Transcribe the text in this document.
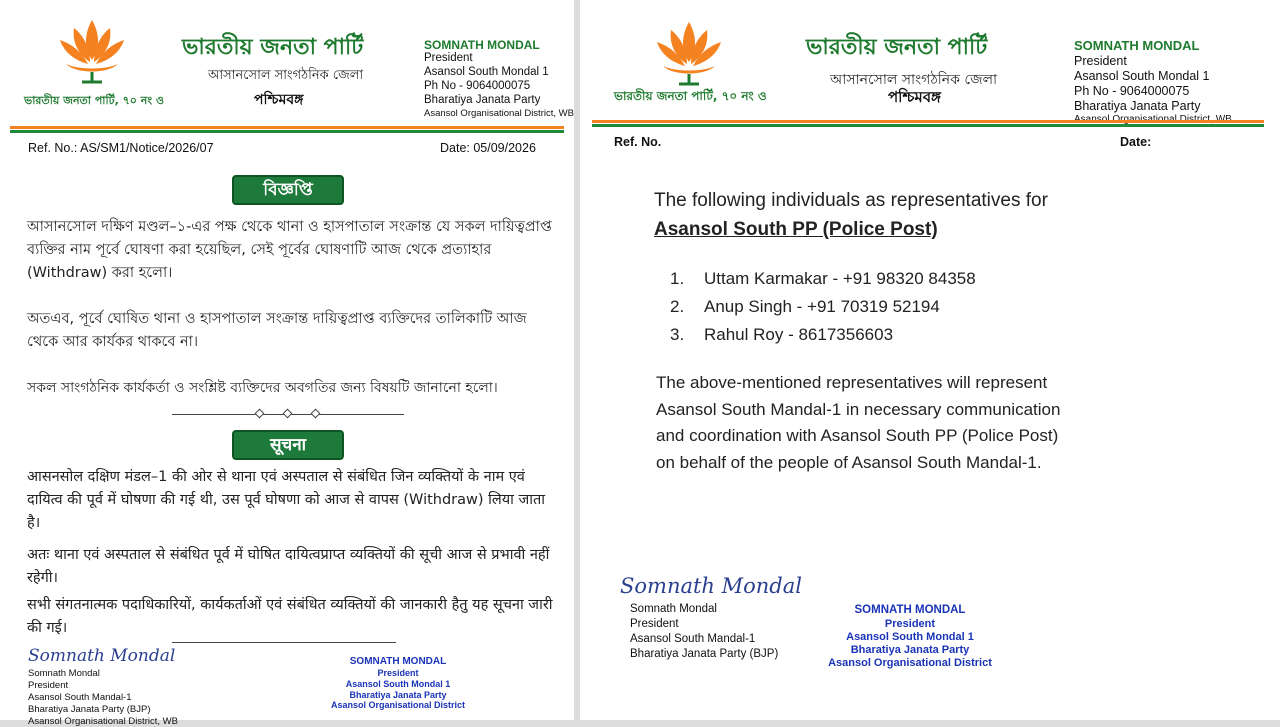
ভারতীয় জনতা পার্টি, ৭০ নং ও
ভারতীয় জনতা পার্টি
আসানসোল সাংগঠনিক জেলা
পশ্চিমবঙ্গ
SOMNATH MONDAL
President
Asansol South Mondal 1
Ph No - 9064000075
Bharatiya Janata Party
Asansol Organisational District, WB
Ref. No.: AS/SM1/Notice/2026/07	Date: 05/09/2026
বিজ্ঞপ্তি
আসানসোল দক্ষিণ মণ্ডল–১-এর পক্ষ থেকে থানা ও হাসপাতাল সংক্রান্ত যে সকল দায়িত্বপ্রাপ্ত ব্যক্তির নাম পূর্বে ঘোষণা করা হয়েছিল, সেই পূর্বের ঘোষণাটি আজ থেকে প্রত্যাহার (Withdraw) করা হলো।
অতএব, পূর্বে ঘোষিত থানা ও হাসপাতাল সংক্রান্ত দায়িত্বপ্রাপ্ত ব্যক্তিদের তালিকাটি আজ থেকে আর কার্যকর থাকবে না।
সকল সাংগঠনিক কার্যকর্তা ও সংশ্লিষ্ট ব্যক্তিদের অবগতির জন্য বিষয়টি জানানো হলো।
सूचना
आसनसोल दक्षिण मंडल–1 की ओर से थाना एवं अस्पताल से संबंधित जिन व्यक्तियों के नाम एवं दायित्व की पूर्व में घोषणा की गई थी, उस पूर्व घोषणा को आज से वापस (Withdraw) लिया जाता है।
अतः थाना एवं अस्पताल से संबंधित पूर्व में घोषित दायित्वप्राप्त व्यक्तियों की सूची आज से प्रभावी नहीं रहेगी।
सभी संगतनात्मक पदाधिकारियों, कार्यकर्ताओं एवं संबंधित व्यक्तियों की जानकारी हैतु यह सूचना जारी की गई।
Somnath Mondal
Somnath Mondal
President
Asansol South Mandal-1
Bharatiya Janata Party (BJP)
Asansol Organisational District, WB
SOMNATH MONDAL
President
Asansol South Mondal 1
Bharatiya Janata Party
Asansol Organisational District
ভারতীয় জনতা পার্টি, ৭০ নং ও
ভারতীয় জনতা পার্টি
আসানসোল সাংগঠনিক জেলা
পশ্চিমবঙ্গ
SOMNATH MONDAL
President
Asansol South Mondal 1
Ph No - 9064000075
Bharatiya Janata Party
Ref. No.	Date:
The following individuals as representatives for
Asansol South PP (Police Post)
1. Uttam Karmakar - +91 98320 84358
2. Anup Singh - +91 70319 52194
3. Rahul Roy - 8617356603
The above-mentioned representatives will represent
Asansol South Mandal-1 in necessary communication
and coordination with Asansol South PP (Police Post)
on behalf of the people of Asansol South Mandal-1.
Somnath Mondal
Somnath Mondal
President
Asansol South Mandal-1
Bharatiya Janata Party (BJP)
SOMNATH MONDAL
President
Asansol South Mondal 1
Bharatiya Janata Party
Asansol Organisational District
